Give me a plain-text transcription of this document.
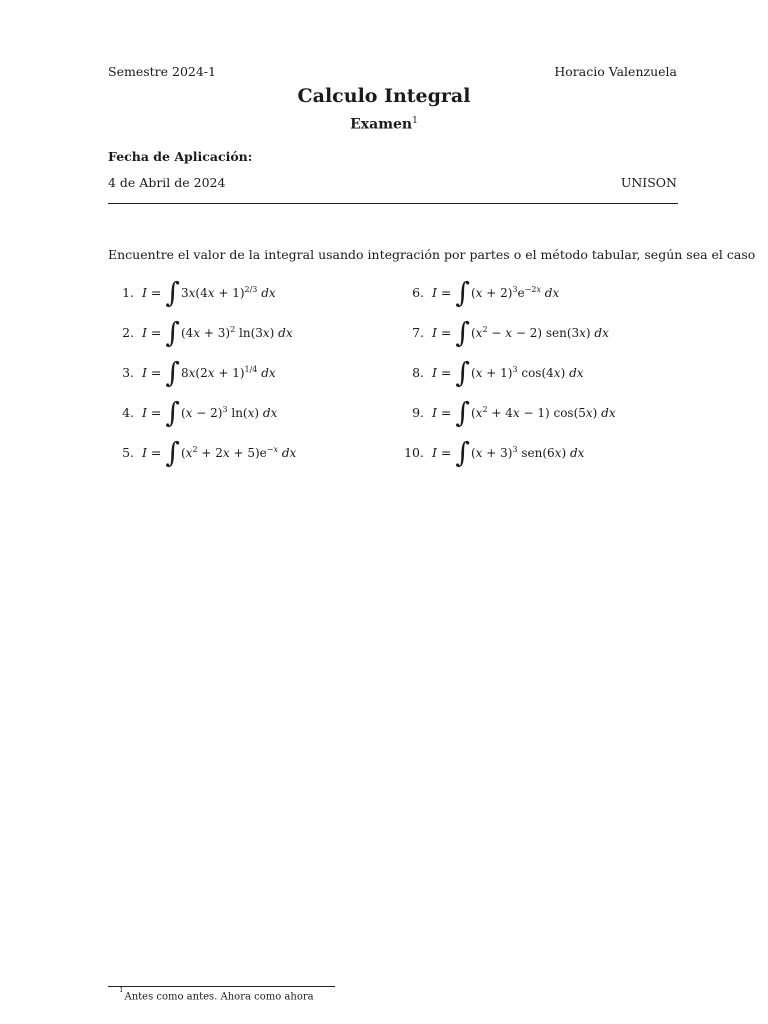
Semestre 2024-1	Horacio Valenzuela
Calculo Integral
Examen$^1$
Fecha de Aplicación:
4 de Abril de 2024	UNISON
Encuentre el valor de la integral usando integración por partes o el método tabular, según sea el caso
1. I = ∫ $3x(4x + 1)^{2/3}$ dx
2. I = ∫ $(4x + 3)^2$ ln(3x) dx
3. I = ∫ $8x(2x + 1)^{1/4}$ dx
4. I = ∫ $(x - 2)^3$ ln(x) dx
5. I = ∫ $(x^2 + 2x + 5)e^{-x}$ dx
6. I = ∫ $(x + 2)^3e^{-2x}$ dx
7. I = ∫ $(x^2 - x - 2)$ sen(3x) dx
8. I = ∫ $(x + 1)^3$ cos(4x) dx
9. I = ∫ $(x^2 + 4x - 1)$ cos(5x) dx
10. I = ∫ $(x + 3)^3$ sen(6x) dx
$^1$Antes como antes. Ahora como ahora
